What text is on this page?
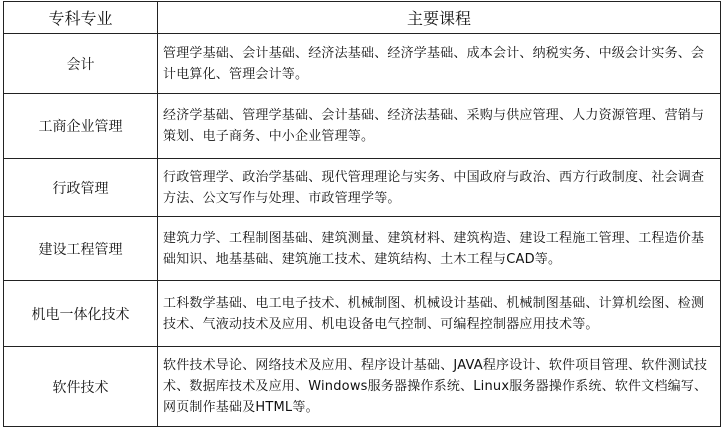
专科专业	主要课程
会计	管理学基础、会计基础、经济法基础、经济学基础、成本会计、纳税实务、中级会计实务、会计电算化、管理会计等。
工商企业管理	经济学基础、管理学基础、会计基础、经济法基础、采购与供应管理、人力资源管理、营销与策划、电子商务、中小企业管理等。
行政管理	行政管理学、政治学基础、现代管理理论与实务、中国政府与政治、西方行政制度、社会调查方法、公文写作与处理、市政管理学等。
建设工程管理	建筑力学、工程制图基础、建筑测量、建筑材料、建筑构造、建设工程施工管理、工程造价基础知识、地基基础、建筑施工技术、建筑结构、土木工程与CAD等。
机电一体化技术	工科数学基础、电工电子技术、机械制图、机械设计基础、机械制图基础、计算机绘图、检测技术、气液动技术及应用、机电设备电气控制、可编程控制器应用技术等。
软件技术	软件技术导论、网络技术及应用、程序设计基础、JAVA程序设计、软件项目管理、软件测试技术、数据库技术及应用、Windows服务器操作系统、Linux服务器操作系统、软件文档编写、网页制作基础及HTML等。
